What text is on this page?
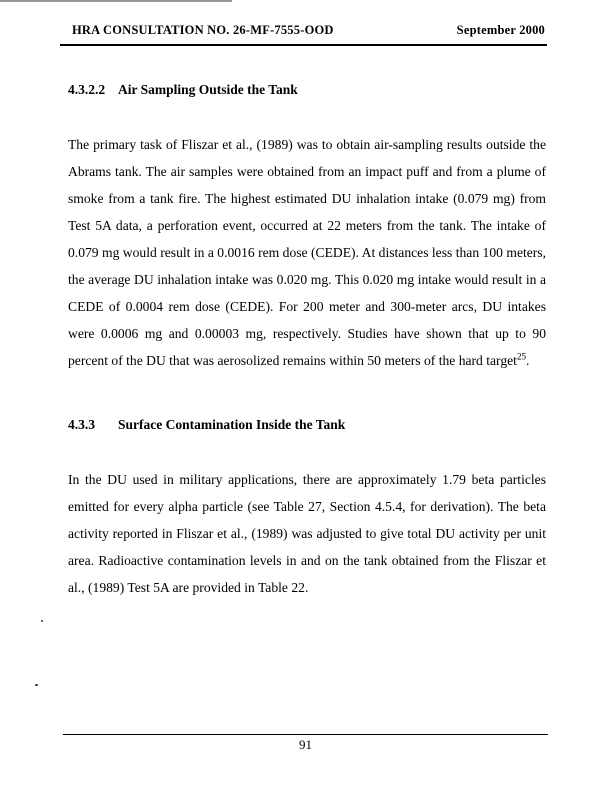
HRA CONSULTATION NO. 26-MF-7555-OOD	September 2000
4.3.2.2 Air Sampling Outside the Tank

The primary task of Fliszar et al., (1989) was to obtain air-sampling results outside the Abrams tank. The air samples were obtained from an impact puff and from a plume of smoke from a tank fire. The highest estimated DU inhalation intake (0.079 mg) from Test 5A data, a perforation event, occurred at 22 meters from the tank. The intake of 0.079 mg would result in a 0.0016 rem dose (CEDE). At distances less than 100 meters, the average DU inhalation intake was 0.020 mg. This 0.020 mg intake would result in a CEDE of 0.0004 rem dose (CEDE). For 200 meter and 300-meter arcs, DU intakes were 0.0006 mg and 0.00003 mg, respectively. Studies have shown that up to 90 percent of the DU that was aerosolized remains within 50 meters of the hard target$^{25}$.

4.3.3 Surface Contamination Inside the Tank

In the DU used in military applications, there are approximately 1.79 beta particles emitted for every alpha particle (see Table 27, Section 4.5.4, for derivation). The beta activity reported in Fliszar et al., (1989) was adjusted to give total DU activity per unit area. Radioactive contamination levels in and on the tank obtained from the Fliszar et al., (1989) Test 5A are provided in Table 22.

91
